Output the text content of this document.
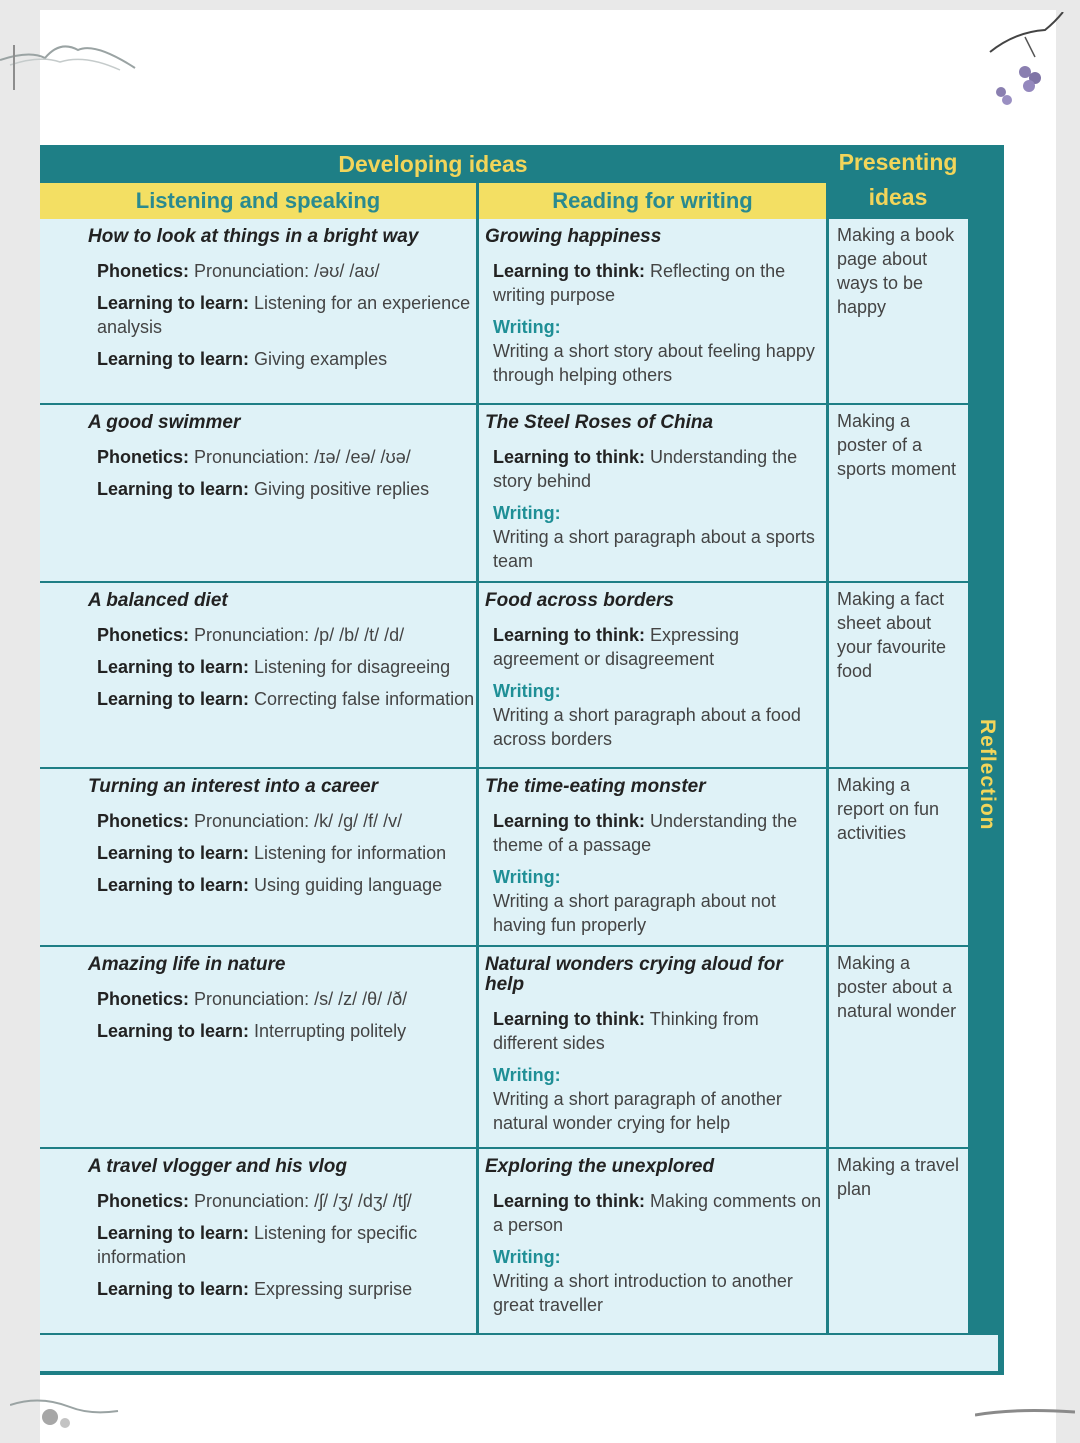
Developing ideas	Presenting ideas
Listening and speaking	Reading for writing
Reflection
How to look at things in a bright way
Phonetics: Pronunciation: /əʊ/ /aʊ/
Learning to learn: Listening for an experience analysis
Learning to learn: Giving examples
Growing happiness
Learning to think: Reflecting on the writing purpose
Writing:
Writing a short story about feeling happy through helping others
Making a book page about ways to be happy
A good swimmer
Phonetics: Pronunciation: /ɪə/ /eə/ /ʊə/
Learning to learn: Giving positive replies
The Steel Roses of China
Learning to think: Understanding the story behind
Writing:
Writing a short paragraph about a sports team
Making a poster of a sports moment
A balanced diet
Phonetics: Pronunciation: /p/ /b/ /t/ /d/
Learning to learn: Listening for disagreeing
Learning to learn: Correcting false information
Food across borders
Learning to think: Expressing agreement or disagreement
Writing:
Writing a short paragraph about a food across borders
Making a fact sheet about your favourite food
Turning an interest into a career
Phonetics: Pronunciation: /k/ /g/ /f/ /v/
Learning to learn: Listening for information
Learning to learn: Using guiding language
The time-eating monster
Learning to think: Understanding the theme of a passage
Writing:
Writing a short paragraph about not having fun properly
Making a report on fun activities
Amazing life in nature
Phonetics: Pronunciation: /s/ /z/ /θ/ /ð/
Learning to learn: Interrupting politely
Natural wonders crying aloud for help
Learning to think: Thinking from different sides
Writing:
Writing a short paragraph of another natural wonder crying for help
Making a poster about a natural wonder
A travel vlogger and his vlog
Phonetics: Pronunciation: /ʃ/ /ʒ/ /dʒ/ /tʃ/
Learning to learn: Listening for specific information
Learning to learn: Expressing surprise
Exploring the unexplored
Learning to think: Making comments on a person
Writing:
Writing a short introduction to another great traveller
Making a travel plan
